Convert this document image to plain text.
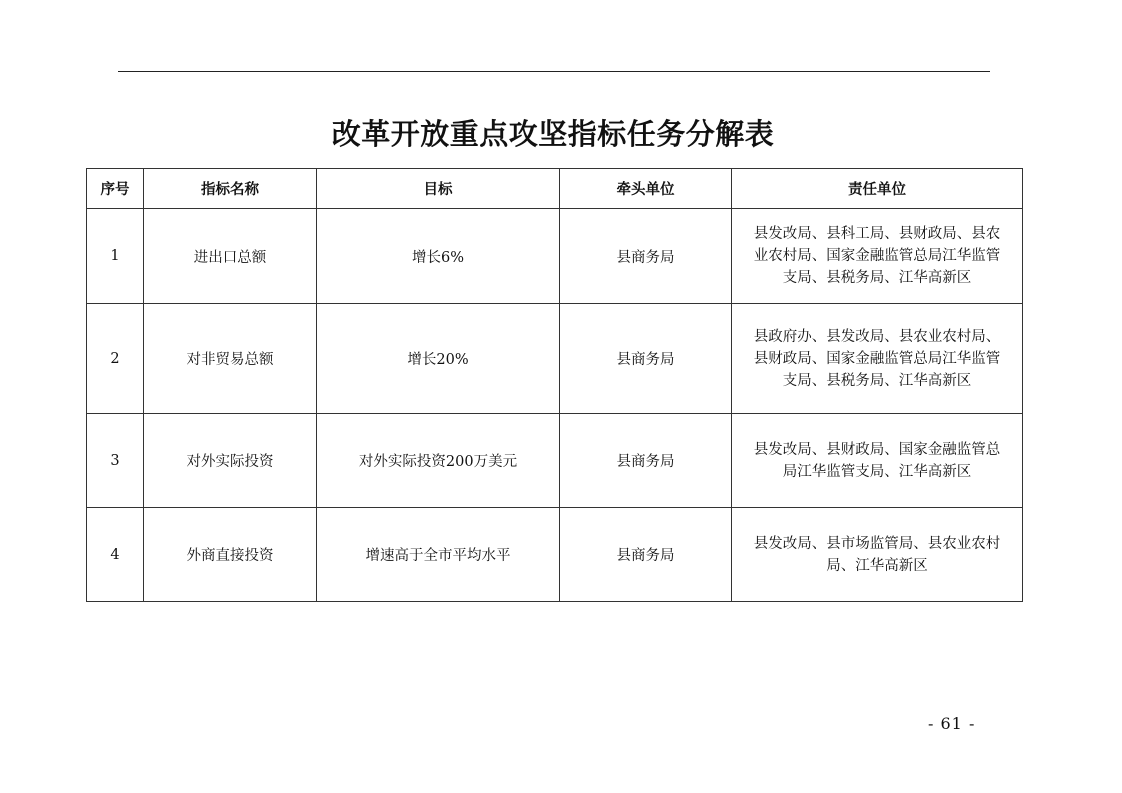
改革开放重点攻坚指标任务分解表
序号	指标名称	目标	牵头单位	责任单位
1	进出口总额	增长6%	县商务局	县发改局、县科工局、县财政局、县农
业农村局、国家金融监管总局江华监管
支局、县税务局、江华高新区

2	对非贸易总额	增长20%	县商务局	县政府办、县发改局、县农业农村局、
县财政局、国家金融监管总局江华监管
支局、县税务局、江华高新区

3	对外实际投资	对外实际投资200万美元	县商务局	县发改局、县财政局、国家金融监管总
局江华监管支局、江华高新区

4	外商直接投资	增速高于全市平均水平	县商务局	县发改局、县市场监管局、县农业农村
局、江华高新区
- 61 -
